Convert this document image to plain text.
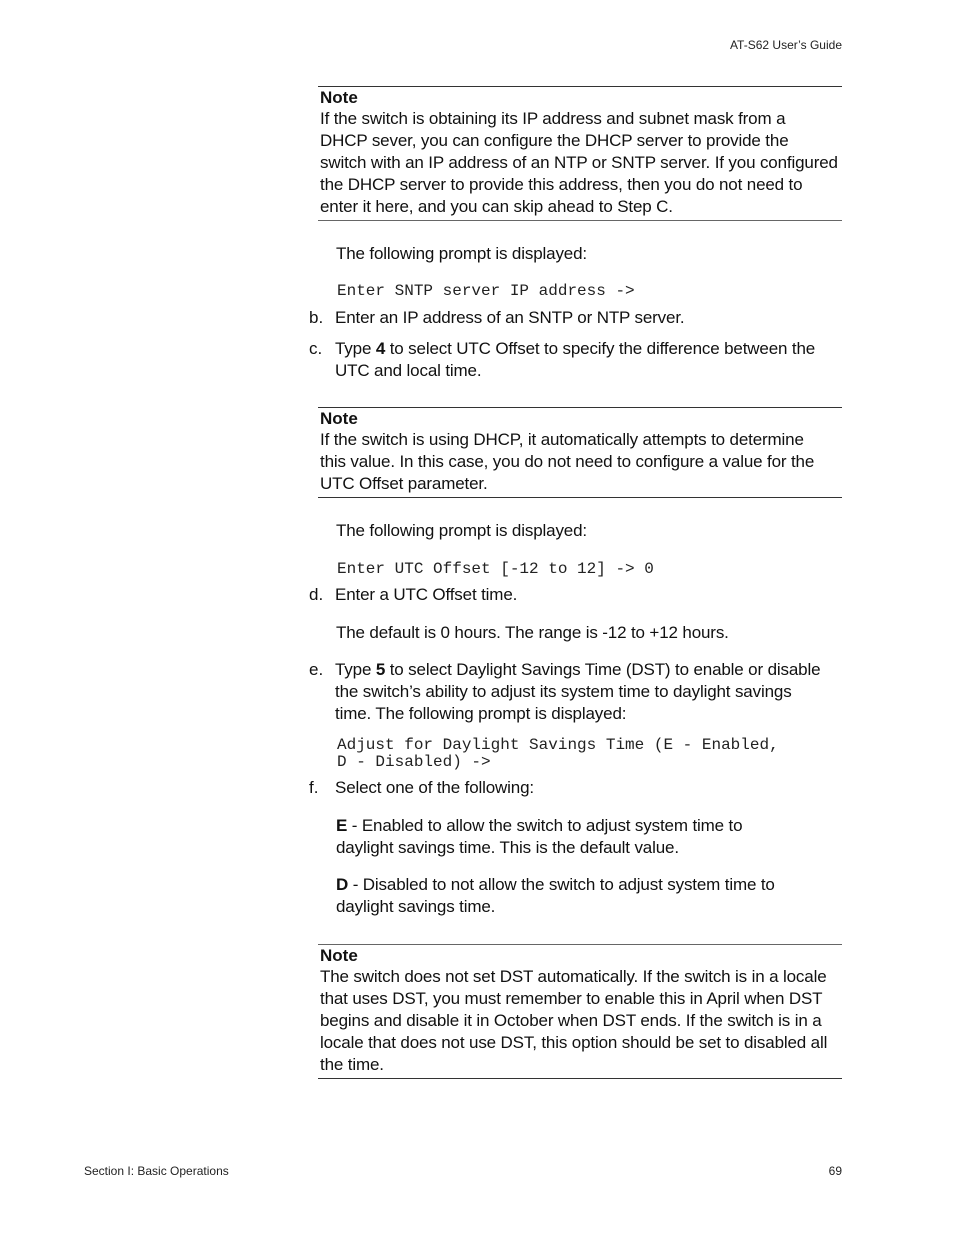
AT-S62 User’s Guide
Note
If the switch is obtaining its IP address and subnet mask from a
DHCP sever, you can configure the DHCP server to provide the
switch with an IP address of an NTP or SNTP server. If you configured
the DHCP server to provide this address, then you do not need to
enter it here, and you can skip ahead to Step C.
The following prompt is displayed:
Enter SNTP server IP address ->
b. Enter an IP address of an SNTP or NTP server.
c. Type 4 to select UTC Offset to specify the difference between the
UTC and local time.
Note
If the switch is using DHCP, it automatically attempts to determine
this value. In this case, you do not need to configure a value for the
UTC Offset parameter.
The following prompt is displayed:
Enter UTC Offset [-12 to 12] -> 0
d. Enter a UTC Offset time.
The default is 0 hours. The range is -12 to +12 hours.
e. Type 5 to select Daylight Savings Time (DST) to enable or disable
the switch’s ability to adjust its system time to daylight savings
time. The following prompt is displayed:
Adjust for Daylight Savings Time (E - Enabled,
D - Disabled) ->
f. Select one of the following:
E - Enabled to allow the switch to adjust system time to
daylight savings time. This is the default value.
D - Disabled to not allow the switch to adjust system time to
daylight savings time.
Note
The switch does not set DST automatically. If the switch is in a locale
that uses DST, you must remember to enable this in April when DST
begins and disable it in October when DST ends. If the switch is in a
locale that does not use DST, this option should be set to disabled all
the time.
Section I: Basic Operations	69
